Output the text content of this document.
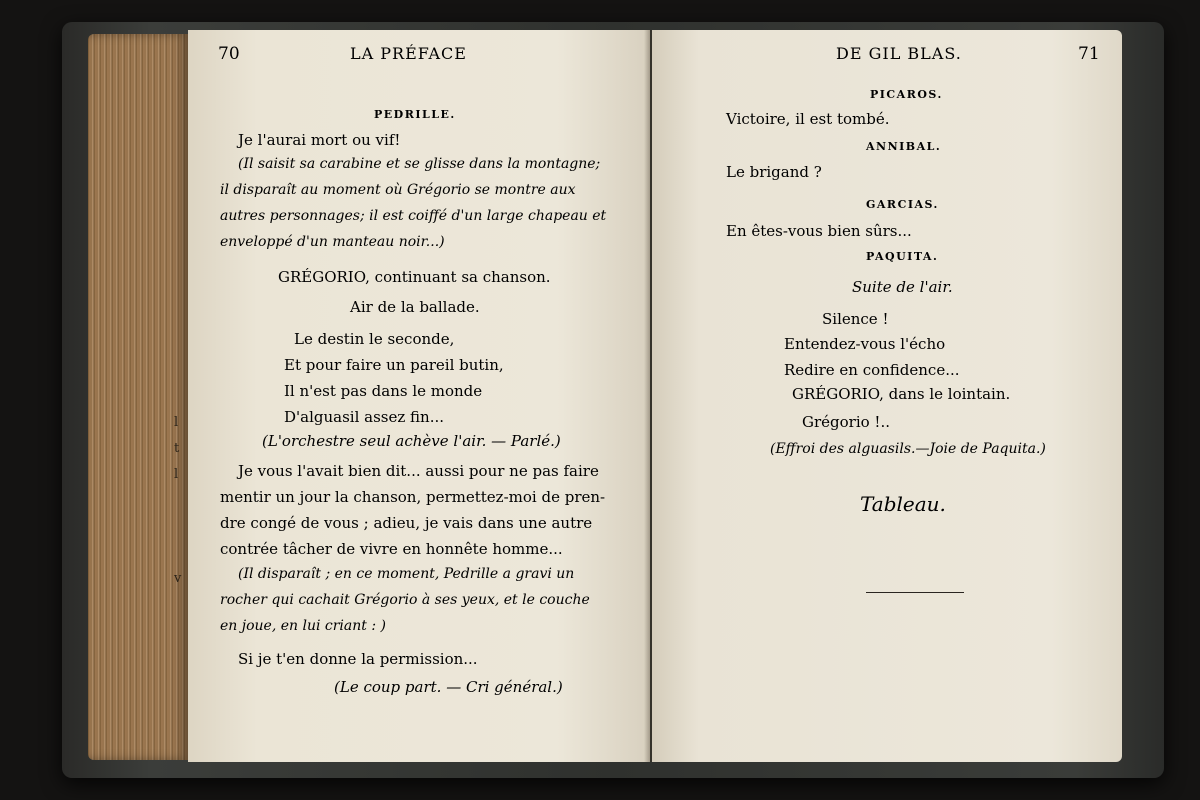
l
t
l
v
70	LA PRÉFACE
PEDRILLE.
Je l'aurai mort ou vif!
(Il saisit sa carabine et se glisse dans la montagne;
il disparaît au moment où Grégorio se montre aux
autres personnages; il est coiffé d'un large chapeau et
enveloppé d'un manteau noir...)
GRÉGORIO, continuant sa chanson.
Air de la ballade.
Le destin le seconde,
Et pour faire un pareil butin,
Il n'est pas dans le monde
D'alguasil assez fin...
(L'orchestre seul achève l'air. — Parlé.)
Je vous l'avait bien dit... aussi pour ne pas faire
mentir un jour la chanson, permettez-moi de pren-
dre congé de vous ; adieu, je vais dans une autre
contrée tâcher de vivre en honnête homme...
(Il disparaît ; en ce moment, Pedrille a gravi un
rocher qui cachait Grégorio à ses yeux, et le couche
en joue, en lui criant : )
Si je t'en donne la permission...
(Le coup part. — Cri général.)
DE GIL BLAS.	71
PICAROS.
Victoire, il est tombé.
ANNIBAL.
Le brigand ?
GARCIAS.
En êtes-vous bien sûrs...
PAQUITA.
Suite de l'air.
Silence !
Entendez-vous l'écho
Redire en confidence...
GRÉGORIO, dans le lointain.
Grégorio !..
(Effroi des alguasils.—Joie de Paquita.)
Tableau.
